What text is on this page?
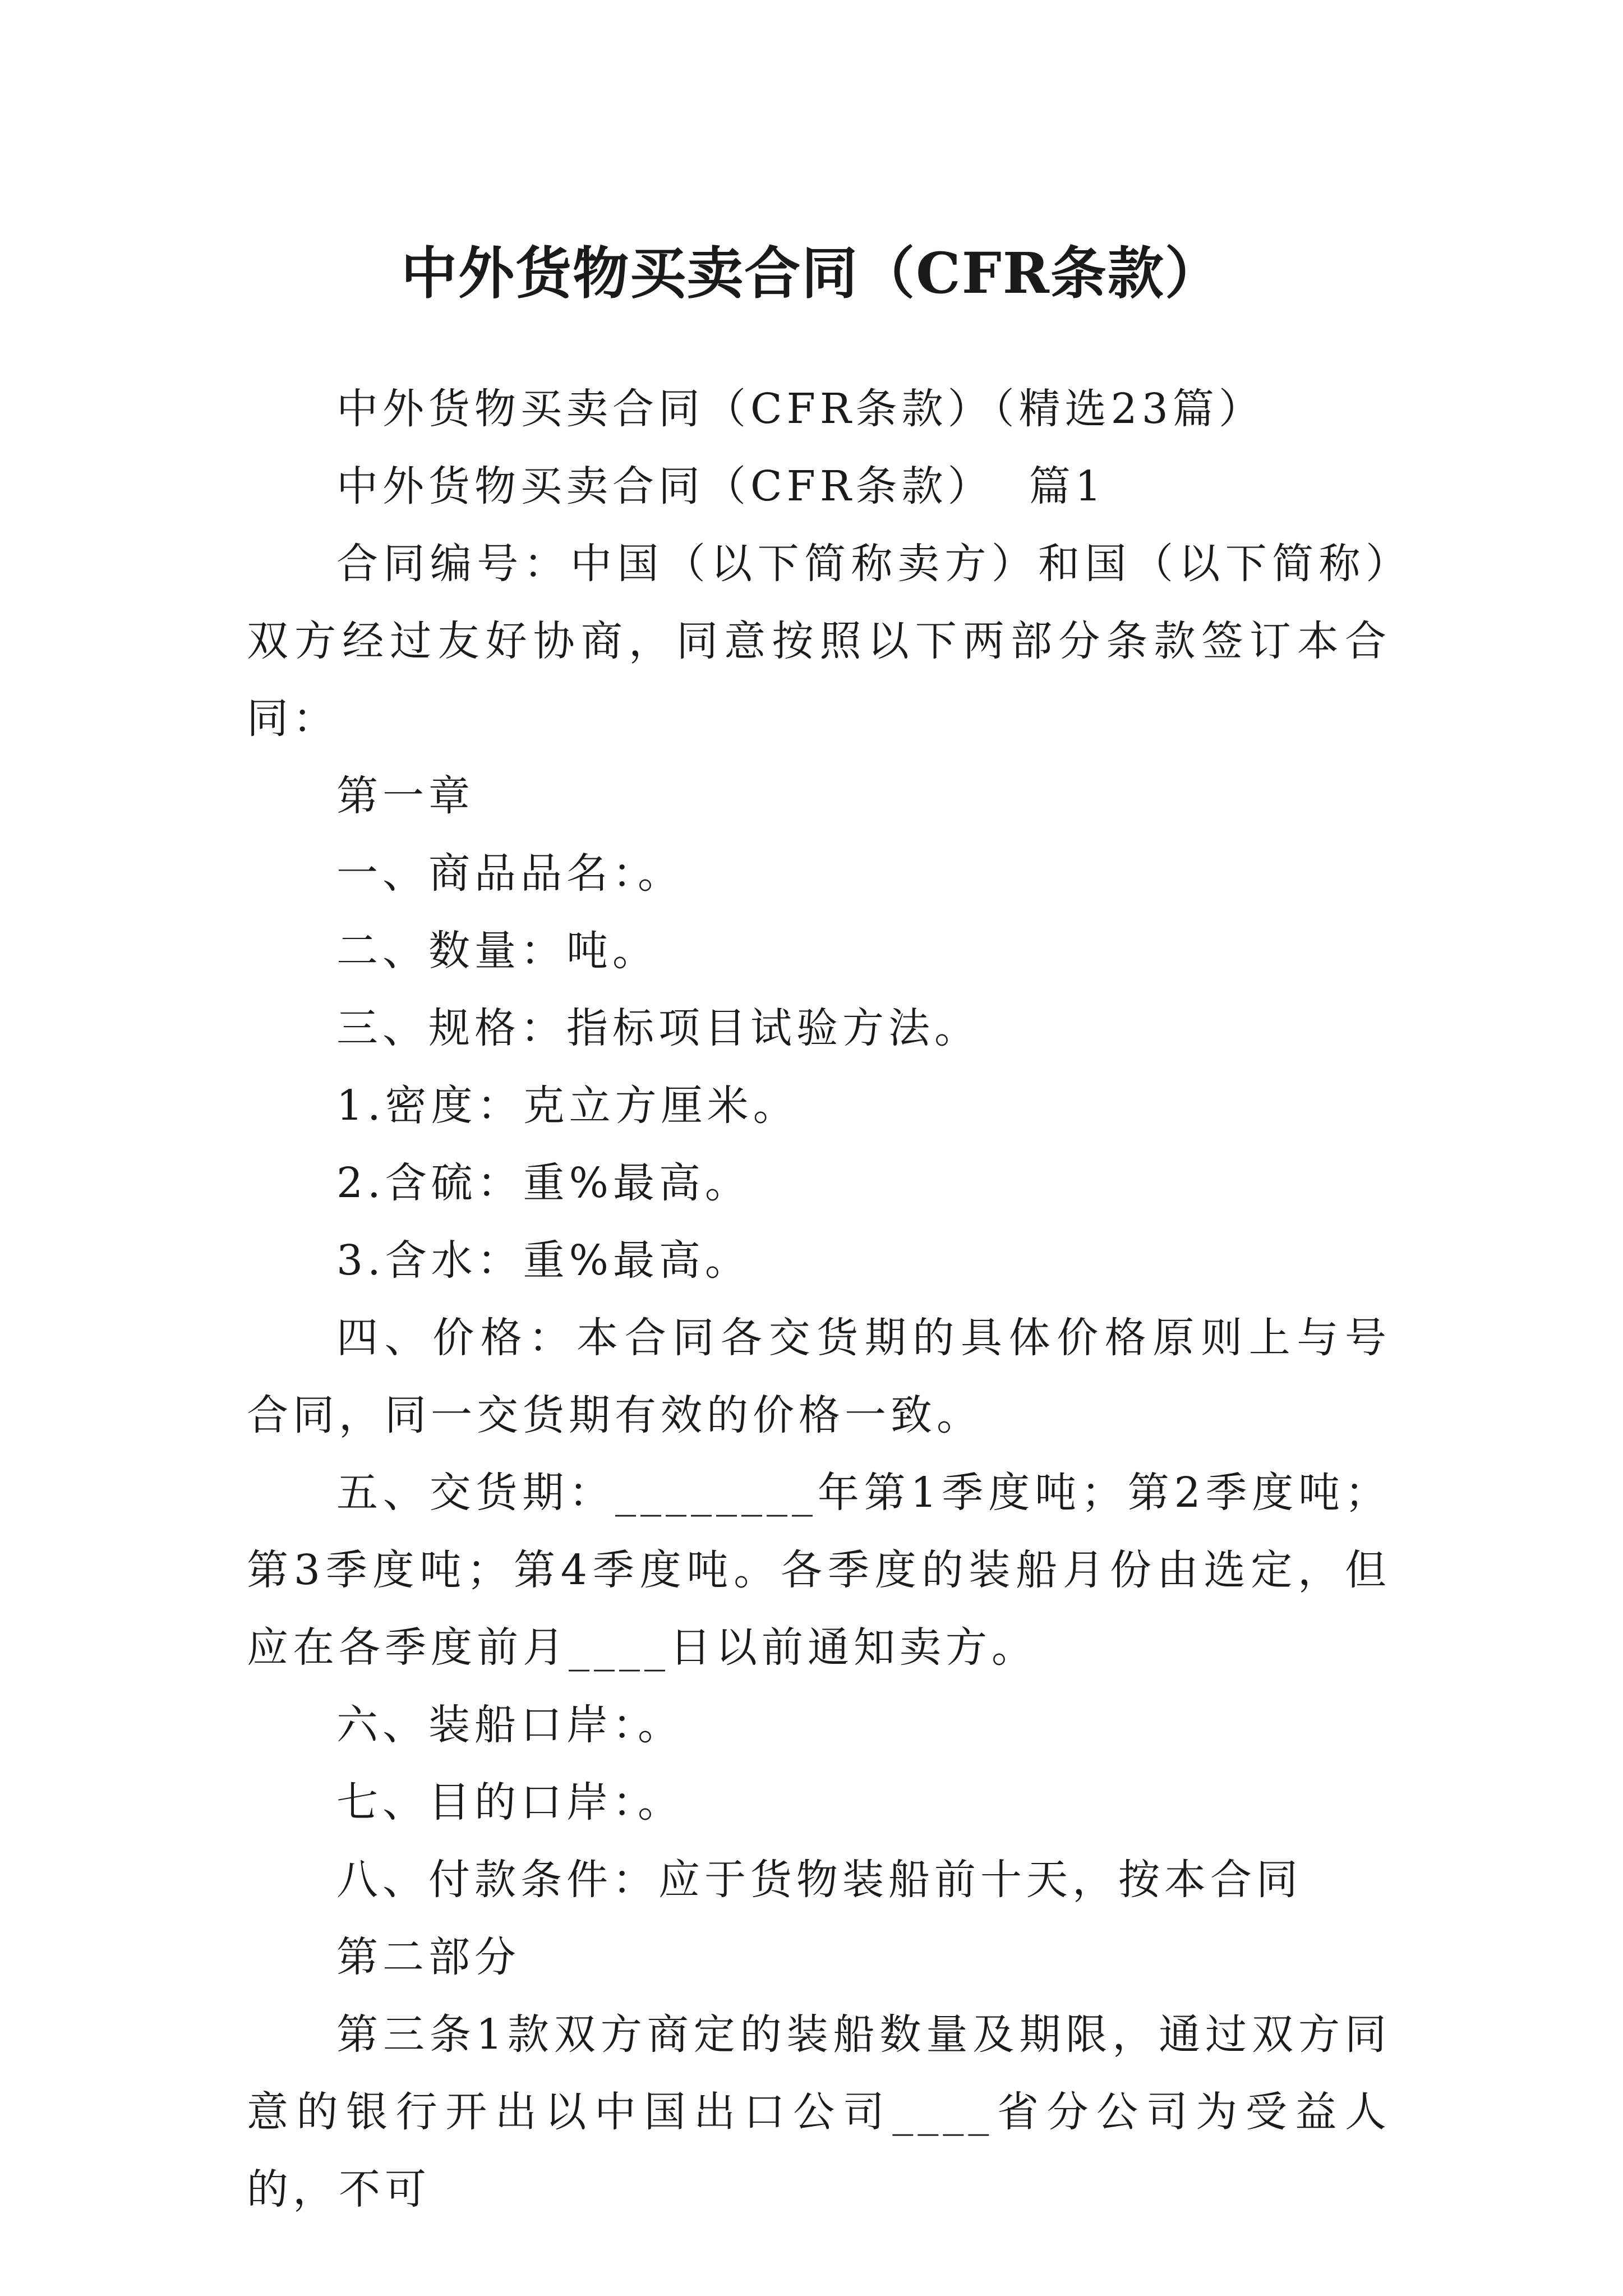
中外货物买卖合同（CFR条款）

中外货物买卖合同（CFR条款）（精选23篇）

中外货物买卖合同（CFR条款）  篇1

合同编号：中国（以下简称卖方）和国（以下简称）双方经过友好协商，同意按照以下两部分条款签订本合同：

第一章

一、商品品名：。

二、数量：吨。

三、规格：指标项目试验方法。

1.密度：克立方厘米。

2.含硫：重%最高。

3.含水：重%最高。

四、价格：本合同各交货期的具体价格原则上与号合同，同一交货期有效的价格一致。

五、交货期：________年第1季度吨；第2季度吨；第3季度吨；第4季度吨。各季度的装船月份由选定，但应在各季度前月____日以前通知卖方。

六、装船口岸：。

七、目的口岸：。

八、付款条件：应于货物装船前十天，按本合同

第二部分

第三条1款双方商定的装船数量及期限，通过双方同意的银行开出以中国出口公司____省分公司为受益人的，不可
